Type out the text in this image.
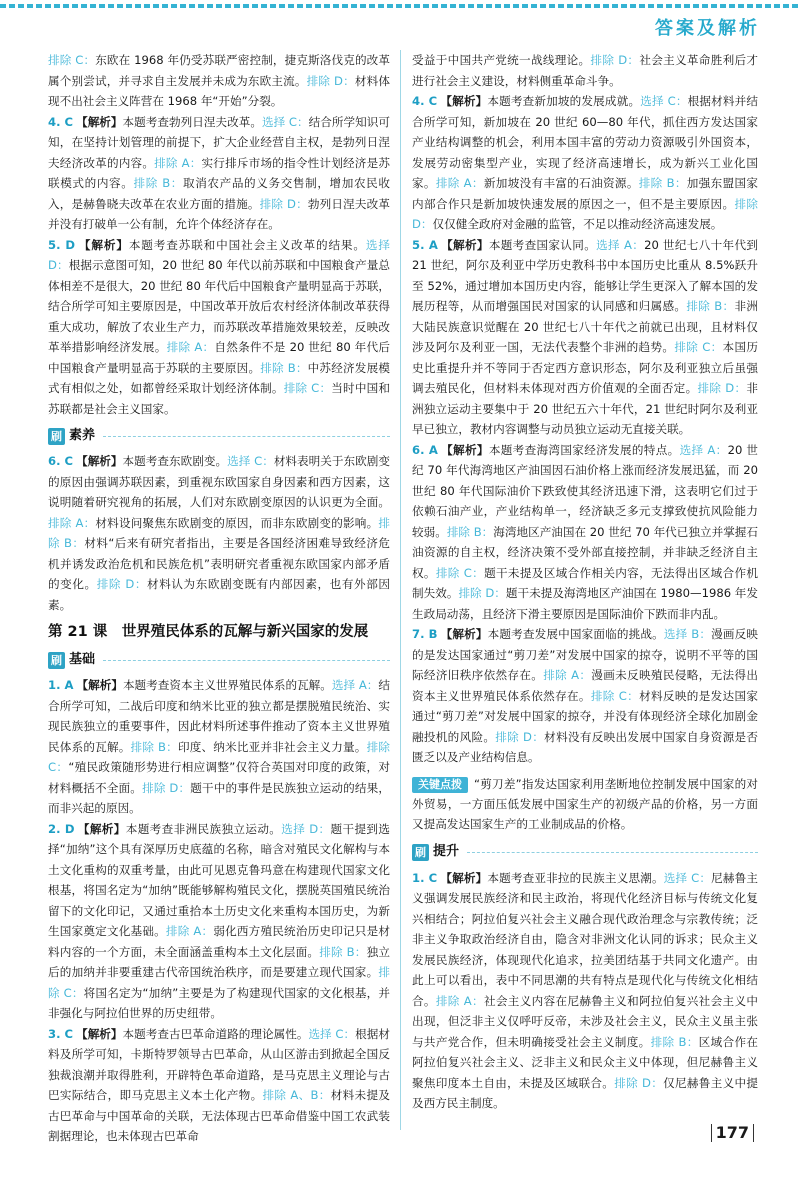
答案及解析

排除 C：东欧在 1968 年仍受苏联严密控制，捷克斯洛伐克的改革属个别尝试，并寻求自主发展并未成为东欧主流。排除 D：材料体现不出社会主义阵营在 1968 年“开始”分裂。

4. C 【解析】本题考查勃列日涅夫改革。选择 C：结合所学知识可知，在坚持计划管理的前提下，扩大企业经营自主权，是勃列日涅夫经济改革的内容。排除 A：实行排斥市场的指令性计划经济是苏联模式的内容。排除 B：取消农产品的义务交售制，增加农民收入，是赫鲁晓夫改革在农业方面的措施。排除 D：勃列日涅夫改革并没有打破单一公有制，允许个体经济存在。

5. D 【解析】本题考查苏联和中国社会主义改革的结果。选择 D：根据示意图可知，20 世纪 80 年代以前苏联和中国粮食产量总体相差不是很大，20 世纪 80 年代后中国粮食产量明显高于苏联，结合所学可知主要原因是，中国改革开放后农村经济体制改革获得重大成功，解放了农业生产力，而苏联改革措施效果较差，反映改革举措影响经济发展。排除 A：自然条件不是 20 世纪 80 年代后中国粮食产量明显高于苏联的主要原因。排除 B：中苏经济发展模式有相似之处，如都曾经采取计划经济体制。排除 C：当时中国和苏联都是社会主义国家。

刷 素养

6. C 【解析】本题考查东欧剧变。选择 C：材料表明关于东欧剧变的原因由强调苏联因素，到重视东欧国家自身因素和西方因素，这说明随着研究视角的拓展，人们对东欧剧变原因的认识更为全面。排除 A：材料设问聚焦东欧剧变的原因，而非东欧剧变的影响。排除 B：材料“后来有研究者指出，主要是各国经济困难导致经济危机并诱发政治危机和民族危机”表明研究者重视东欧国家内部矛盾的变化。排除 D：材料认为东欧剧变既有内部因素，也有外部因素。

第 21 课　世界殖民体系的瓦解与新兴国家的发展
刷 基础

1. A 【解析】本题考查资本主义世界殖民体系的瓦解。选择 A：结合所学可知，二战后印度和纳米比亚的独立都是摆脱殖民统治、实现民族独立的重要事件，因此材料所述事件推动了资本主义世界殖民体系的瓦解。排除 B：印度、纳米比亚并非社会主义力量。排除 C：“殖民政策随形势进行相应调整”仅符合英国对印度的政策，对材料概括不全面。排除 D：题干中的事件是民族独立运动的结果，而非兴起的原因。

2. D 【解析】本题考查非洲民族独立运动。选择 D：题干提到选择“加纳”这个具有深厚历史底蕴的名称，暗含对殖民文化解构与本土文化重构的双重考量，由此可见恩克鲁玛意在构建现代国家文化根基，将国名定为“加纳”既能够解构殖民文化，摆脱英国殖民统治留下的文化印记，又通过重拾本土历史文化来重构本国历史，为新生国家奠定文化基础。排除 A：弱化西方殖民统治历史印记只是材料内容的一个方面，未全面涵盖重构本土文化层面。排除 B：独立后的加纳并非要重建古代帝国统治秩序，而是要建立现代国家。排除 C：将国名定为“加纳”主要是为了构建现代国家的文化根基，并非强化与阿拉伯世界的历史纽带。

3. C 【解析】本题考查古巴革命道路的理论属性。选择 C：根据材料及所学可知，卡斯特罗领导古巴革命，从山区游击到掀起全国反独裁浪潮并取得胜利，开辟特色革命道路，是马克思主义理论与古巴实际结合，即马克思主义本土化产物。排除 A、B：材料未提及古巴革命与中国革命的关联，无法体现古巴革命借鉴中国工农武装割据理论，也未体现古巴革命

受益于中国共产党统一战线理论。排除 D：社会主义革命胜利后才进行社会主义建设，材料侧重革命斗争。

4. C 【解析】本题考查新加坡的发展成就。选择 C：根据材料并结合所学可知，新加坡在 20 世纪 60—80 年代，抓住西方发达国家产业结构调整的机会，利用本国丰富的劳动力资源吸引外国资本，发展劳动密集型产业，实现了经济高速增长，成为新兴工业化国家。排除 A：新加坡没有丰富的石油资源。排除 B：加强东盟国家内部合作只是新加坡快速发展的原因之一，但不是主要原因。排除 D：仅仅健全政府对金融的监管，不足以推动经济高速发展。

5. A 【解析】本题考查国家认同。选择 A：20 世纪七八十年代到 21 世纪，阿尔及利亚中学历史教科书中本国历史比重从 8.5%跃升至 52%，通过增加本国历史内容，能够让学生更深入了解本国的发展历程等，从而增强国民对国家的认同感和归属感。排除 B：非洲大陆民族意识觉醒在 20 世纪七八十年代之前就已出现，且材料仅涉及阿尔及利亚一国，无法代表整个非洲的趋势。排除 C：本国历史比重提升并不等同于否定西方意识形态，阿尔及利亚独立后虽强调去殖民化，但材料未体现对西方价值观的全面否定。排除 D：非洲独立运动主要集中于 20 世纪五六十年代，21 世纪时阿尔及利亚早已独立，教材内容调整与动员独立运动无直接关联。

6. A 【解析】本题考查海湾国家经济发展的特点。选择 A：20 世纪 70 年代海湾地区产油国因石油价格上涨而经济发展迅猛，而 20 世纪 80 年代国际油价下跌致使其经济迅速下滑，这表明它们过于依赖石油产业，产业结构单一，经济缺乏多元支撑致使抗风险能力较弱。排除 B：海湾地区产油国在 20 世纪 70 年代已独立并掌握石油资源的自主权，经济决策不受外部直接控制，并非缺乏经济自主权。排除 C：题干未提及区域合作相关内容，无法得出区域合作机制失效。排除 D：题干未提及海湾地区产油国在 1980—1986 年发生政局动荡，且经济下滑主要原因是国际油价下跌而非内乱。

7. B 【解析】本题考查发展中国家面临的挑战。选择 B：漫画反映的是发达国家通过“剪刀差”对发展中国家的掠夺，说明不平等的国际经济旧秩序依然存在。排除 A：漫画未反映殖民侵略，无法得出资本主义世界殖民体系依然存在。排除 C：材料反映的是发达国家通过“剪刀差”对发展中国家的掠夺，并没有体现经济全球化加剧金融投机的风险。排除 D：材料没有反映出发展中国家自身资源是否匮乏以及产业结构信息。

关键点拨 “剪刀差”指发达国家利用垄断地位控制发展中国家的对外贸易，一方面压低发展中国家生产的初级产品的价格，另一方面又提高发达国家生产的工业制成品的价格。
刷 提升

1. C 【解析】本题考查亚非拉的民族主义思潮。选择 C：尼赫鲁主义强调发展民族经济和民主政治，将现代化经济目标与传统文化复兴相结合；阿拉伯复兴社会主义融合现代政治理念与宗教传统；泛非主义争取政治经济自由，隐含对非洲文化认同的诉求；民众主义发展民族经济，体现现代化追求，拉美团结基于共同文化遗产。由此上可以看出，表中不同思潮的共有特点是现代化与传统文化相结合。排除 A：社会主义内容在尼赫鲁主义和阿拉伯复兴社会主义中出现，但泛非主义仅呼吁反帝，未涉及社会主义，民众主义虽主张与共产党合作，但未明确接受社会主义制度。排除 B：区域合作在阿拉伯复兴社会主义、泛非主义和民众主义中体现，但尼赫鲁主义聚焦印度本土自由，未提及区域联合。排除 D：仅尼赫鲁主义中提及西方民主制度。

177
